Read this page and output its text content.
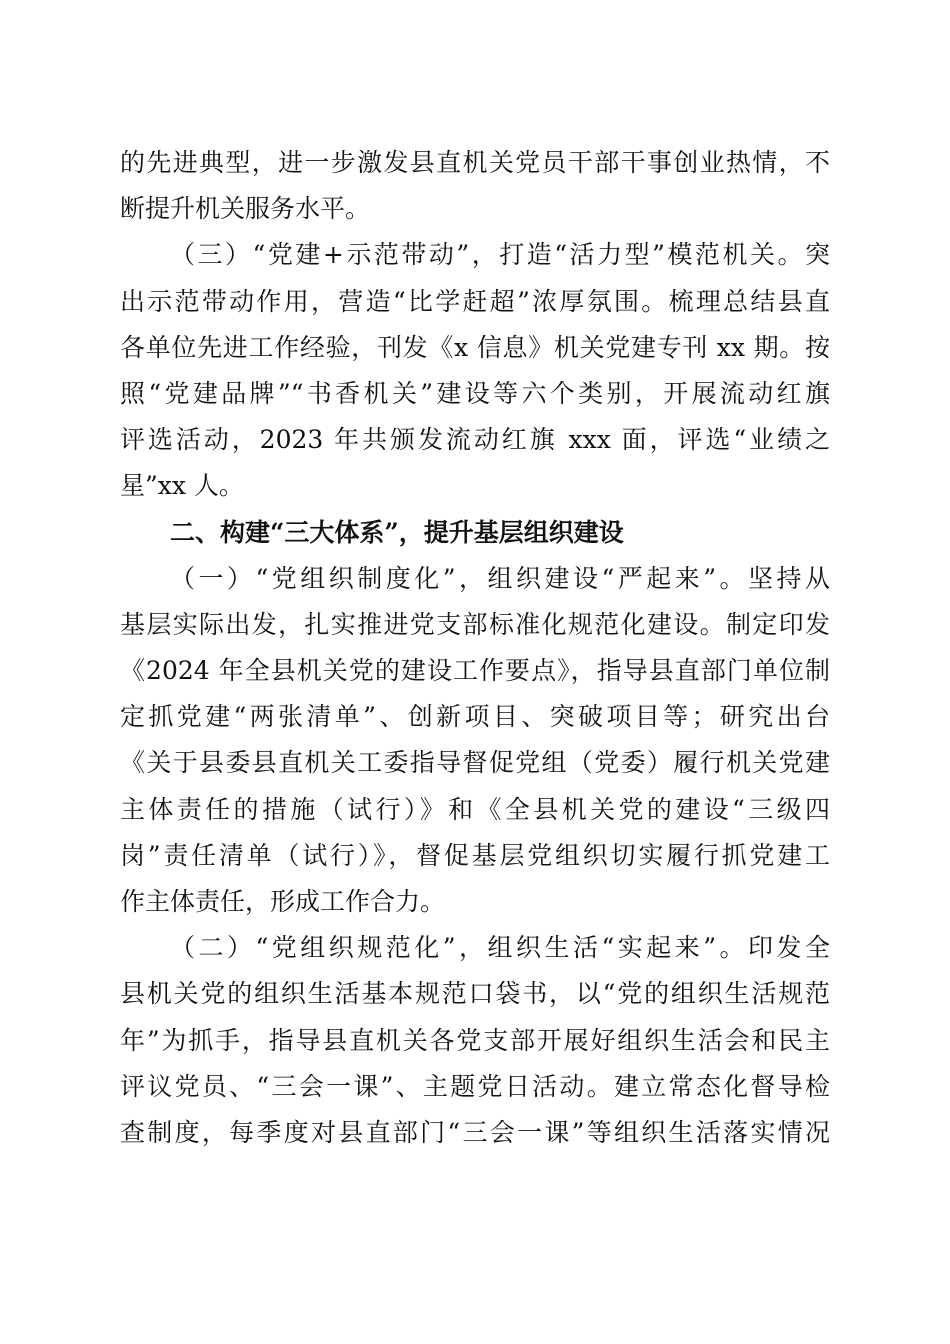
的先进典型，进一步激发县直机关党员干部干事创业热情，不
断提升机关服务水平。
（三）“党建+示范带动”，打造“活力型”模范机关。突
出示范带动作用，营造“比学赶超”浓厚氛围。梳理总结县直
各单位先进工作经验，刊发《x 信息》机关党建专刊 xx 期。按
照“党建品牌”“书香机关”建设等六个类别，开展流动红旗
评选活动，2023 年共颁发流动红旗 xxx 面，评选“业绩之
星”xx 人。
二、构建“三大体系”，提升基层组织建设
（一）“党组织制度化”，组织建设“严起来”。坚持从
基层实际出发，扎实推进党支部标准化规范化建设。制定印发
《2024 年全县机关党的建设工作要点》，指导县直部门单位制
定抓党建“两张清单”、创新项目、突破项目等；研究出台
《关于县委县直机关工委指导督促党组（党委）履行机关党建
主体责任的措施（试行）》和《全县机关党的建设“三级四
岗”责任清单（试行）》，督促基层党组织切实履行抓党建工
作主体责任，形成工作合力。
（二）“党组织规范化”，组织生活“实起来”。印发全
县机关党的组织生活基本规范口袋书，以“党的组织生活规范
年”为抓手，指导县直机关各党支部开展好组织生活会和民主
评议党员、“三会一课”、主题党日活动。建立常态化督导检
查制度，每季度对县直部门“三会一课”等组织生活落实情况
